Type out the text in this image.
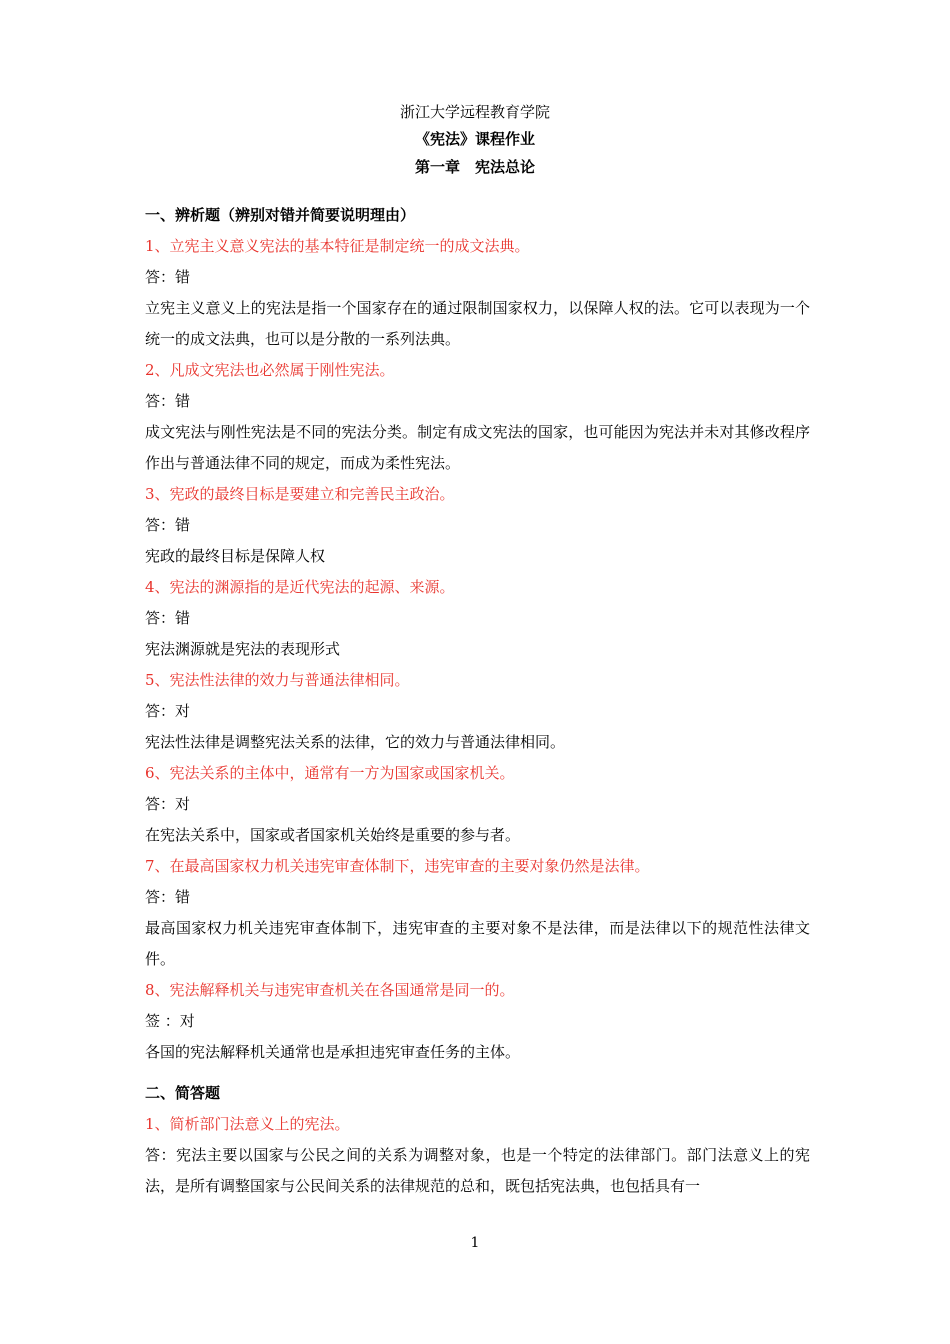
浙江大学远程教育学院
《宪法》课程作业
第一章　宪法总论
一、辨析题（辨别对错并简要说明理由）
1、立宪主义意义宪法的基本特征是制定统一的成文法典。
答：错
立宪主义意义上的宪法是指一个国家存在的通过限制国家权力，以保障人权的法。它可以表现为一个统一的成文法典，也可以是分散的一系列法典。
2、凡成文宪法也必然属于刚性宪法。
答：错
成文宪法与刚性宪法是不同的宪法分类。制定有成文宪法的国家，也可能因为宪法并未对其修改程序作出与普通法律不同的规定，而成为柔性宪法。
3、宪政的最终目标是要建立和完善民主政治。
答：错
宪政的最终目标是保障人权
4、宪法的渊源指的是近代宪法的起源、来源。
答：错
宪法渊源就是宪法的表现形式
5、宪法性法律的效力与普通法律相同。
答：对
宪法性法律是调整宪法关系的法律，它的效力与普通法律相同。
6、宪法关系的主体中，通常有一方为国家或国家机关。
答：对
在宪法关系中，国家或者国家机关始终是重要的参与者。
7、在最高国家权力机关违宪审查体制下，违宪审查的主要对象仍然是法律。
答：错
最高国家权力机关违宪审查体制下，违宪审查的主要对象不是法律，而是法律以下的规范性法律文件。
8、宪法解释机关与违宪审查机关在各国通常是同一的。
签 ：对
各国的宪法解释机关通常也是承担违宪审查任务的主体。
二、简答题
1、简析部门法意义上的宪法。
答：宪法主要以国家与公民之间的关系为调整对象，也是一个特定的法律部门。部门法意义上的宪法，是所有调整国家与公民间关系的法律规范的总和，既包括宪法典，也包括具有一
1
